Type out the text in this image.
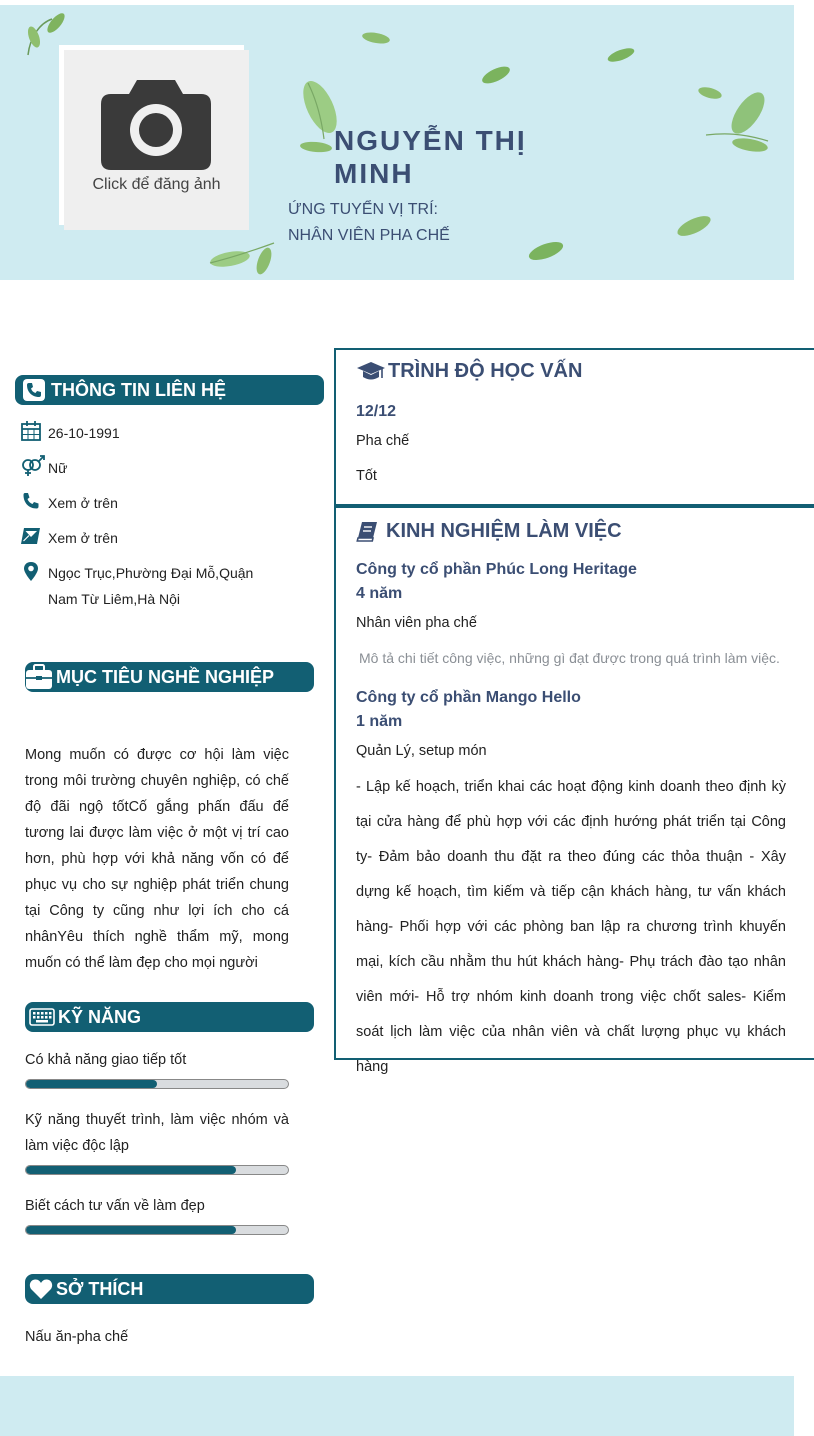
Click để đăng ảnh
NGUYỄN THỊ MINH
ỨNG TUYỂN VỊ TRÍ:
NHÂN VIÊN PHA CHẾ
THÔNG TIN LIÊN HỆ
26-10-1991
Nữ
Xem ở trên
Xem ở trên
Ngọc Trục,Phường Đại Mỗ,Quận Nam Từ Liêm,Hà Nội
MỤC TIÊU NGHỀ NGHIỆP
Mong muốn có được cơ hội làm việc trong môi trường chuyên nghiệp, có chế độ đãi ngộ tốtCố gắng phấn đấu để tương lai được làm việc ở một vị trí cao hơn, phù hợp với khả năng vốn có để phục vụ cho sự nghiệp phát triển chung tại Công ty cũng như lợi ích cho cá nhânYêu thích nghề thẩm mỹ, mong muốn có thể làm đẹp cho mọi người
KỸ NĂNG
Có khả năng giao tiếp tốt
Kỹ năng thuyết trình, làm việc nhóm và làm việc độc lập
Biết cách tư vấn về làm đẹp
SỞ THÍCH
Nấu ăn-pha chế
TRÌNH ĐỘ HỌC VẤN
12/12
Pha chế
Tốt
KINH NGHIỆM LÀM VIỆC
Công ty cổ phần Phúc Long Heritage
4 năm
Nhân viên pha chế
Mô tả chi tiết công việc, những gì đạt được trong quá trình làm việc.
Công ty cổ phần Mango Hello
1 năm
Quản Lý, setup món
- Lập kế hoạch, triển khai các hoạt động kinh doanh theo định kỳ tại cửa hàng để phù hợp với các định hướng phát triển tại Công ty- Đảm bảo doanh thu đặt ra theo đúng các thỏa thuận - Xây dựng kế hoạch, tìm kiếm và tiếp cận khách hàng, tư vấn khách hàng- Phối hợp với các phòng ban lập ra chương trình khuyến mại, kích cầu nhằm thu hút khách hàng- Phụ trách đào tạo nhân viên mới- Hỗ trợ nhóm kinh doanh trong việc chốt sales- Kiểm soát lịch làm việc của nhân viên và chất lượng phục vụ khách hàng
